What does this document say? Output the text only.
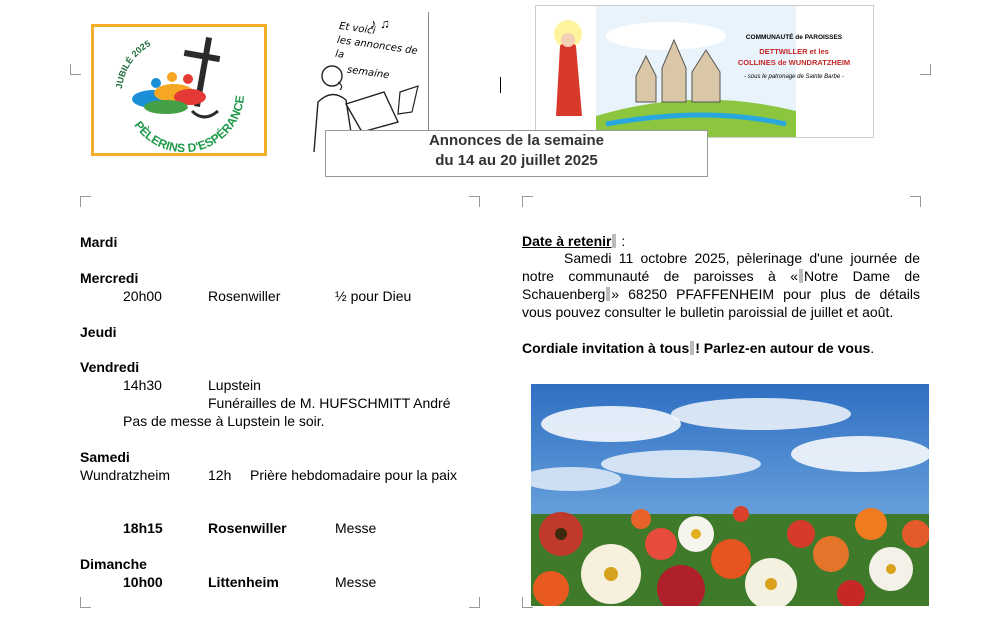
JUBILÉ 2025
PÈLERINS D'ESPÉRANCE
Et voici
les annonces de la
semaine
♪ ♫
COMMUNAUTÉ de PAROISSES
DETTWILLER et les
COLLINES de WUNDRATZHEIM
- sous le patronage de Sainte Barbe -
Annonces de la semaine
du 14 au 20 juillet 2025
Mardi
Mercredi
20h00	Rosenwiller	½ pour Dieu
Jeudi
Vendredi
14h30	Lupstein
Funérailles de M. HUFSCHMITT André
Pas de messe à Lupstein le soir.
Samedi
Wundratzheim	12h Prière hebdomadaire pour la paix
18h15	Rosenwiller	Messe
Dimanche
10h00	Littenheim	Messe
Date à retenir :
Samedi 11 octobre 2025, pèlerinage d'une journée de notre communauté de paroisses à « Notre Dame de Schauenberg » 68250 PFAFFENHEIM pour plus de détails vous pouvez consulter le bulletin paroissial de juillet et août.
Cordiale invitation à tous ! Parlez-en autour de vous.
